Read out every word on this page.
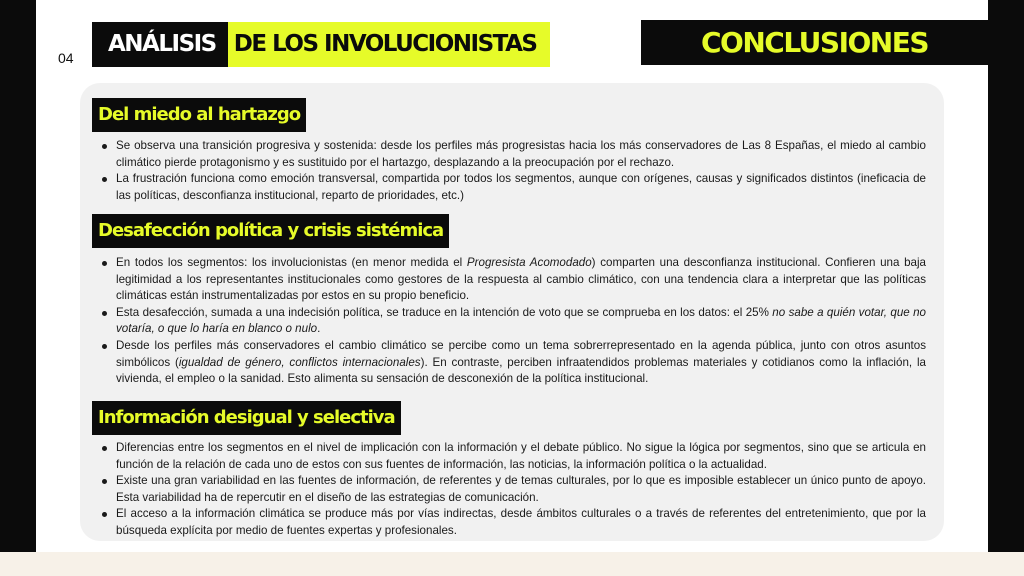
04
ANÁLISIS DE LOS INVOLUCIONISTAS	CONCLUSIONES
Del miedo al hartazgo
Se observa una transición progresiva y sostenida: desde los perfiles más progresistas hacia los más conservadores de Las 8 Españas, el miedo al cambio climático pierde protagonismo y es sustituido por el hartazgo, desplazando a la preocupación por el rechazo.
La frustración funciona como emoción transversal, compartida por todos los segmentos, aunque con orígenes, causas y significados distintos (ineficacia de las políticas, desconfianza institucional, reparto de prioridades, etc.)
Desafección política y crisis sistémica
En todos los segmentos: los involucionistas (en menor medida el Progresista Acomodado) comparten una desconfianza institucional. Confieren una baja legitimidad a los representantes institucionales como gestores de la respuesta al cambio climático, con una tendencia clara a interpretar que las políticas climáticas están instrumentalizadas por estos en su propio beneficio.
Esta desafección, sumada a una indecisión política, se traduce en la intención de voto que se comprueba en los datos: el 25% no sabe a quién votar, que no votaría, o que lo haría en blanco o nulo.
Desde los perfiles más conservadores el cambio climático se percibe como un tema sobrerrepresentado en la agenda pública, junto con otros asuntos simbólicos (igualdad de género, conflictos internacionales). En contraste, perciben infraatendidos problemas materiales y cotidianos como la inflación, la vivienda, el empleo o la sanidad. Esto alimenta su sensación de desconexión de la política institucional.
Información desigual y selectiva
Diferencias entre los segmentos en el nivel de implicación con la información y el debate público. No sigue la lógica por segmentos, sino que se articula en función de la relación de cada uno de estos con sus fuentes de información, las noticias, la información política o la actualidad.
Existe una gran variabilidad en las fuentes de información, de referentes y de temas culturales, por lo que es imposible establecer un único punto de apoyo. Esta variabilidad ha de repercutir en el diseño de las estrategias de comunicación.
El acceso a la información climática se produce más por vías indirectas, desde ámbitos culturales o a través de referentes del entretenimiento, que por la búsqueda explícita por medio de fuentes expertas y profesionales.
